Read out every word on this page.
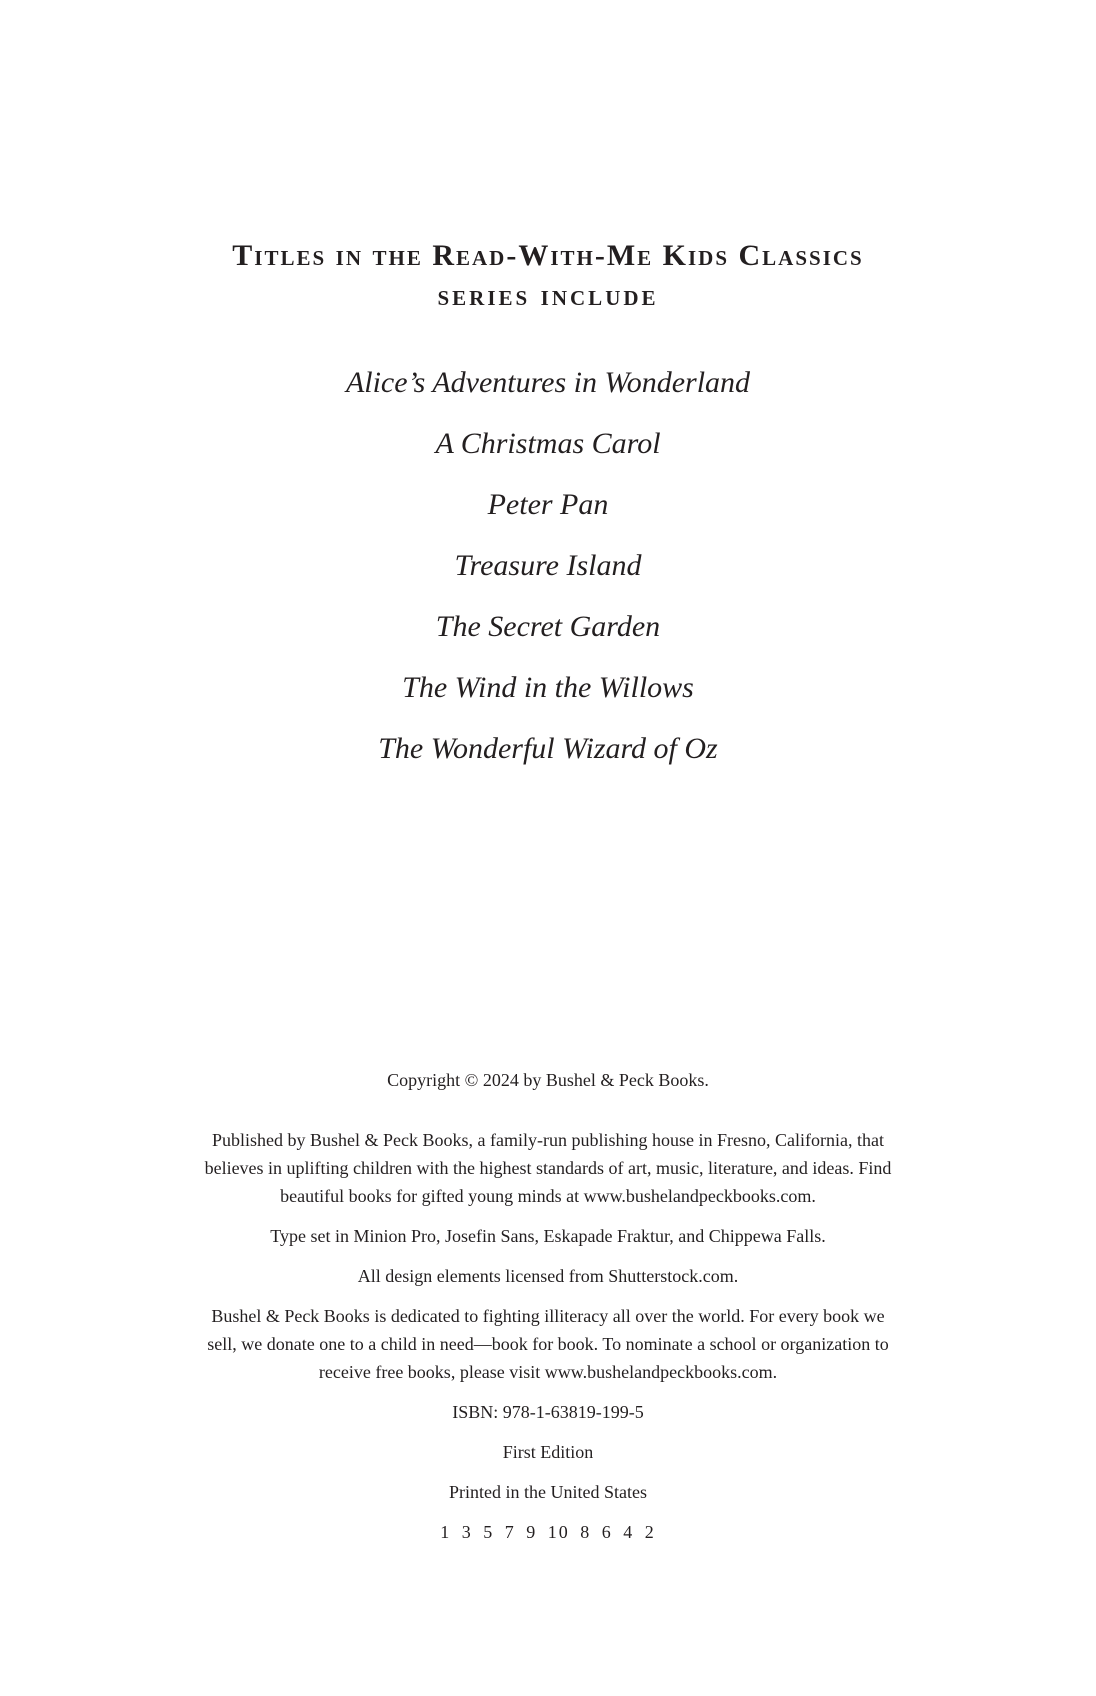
Titles in the Read-With-Me Kids Classics

series include

Alice’s Adventures in Wonderland
A Christmas Carol
Peter Pan
Treasure Island
The Secret Garden
The Wind in the Willows
The Wonderful Wizard of Oz

Copyright © 2024 by Bushel & Peck Books.

Published by Bushel & Peck Books, a family-run publishing house in Fresno, California, that believes in uplifting children with the highest standards of art, music, literature, and ideas. Find beautiful books for gifted young minds at www.bushelandpeckbooks.com.

Type set in Minion Pro, Josefin Sans, Eskapade Fraktur, and Chippewa Falls.

All design elements licensed from Shutterstock.com.

Bushel & Peck Books is dedicated to fighting illiteracy all over the world. For every book we sell, we donate one to a child in need—book for book. To nominate a school or organization to receive free books, please visit www.bushelandpeckbooks.com.

ISBN: 978-1-63819-199-5

First Edition

Printed in the United States

1 3 5 7 9 10 8 6 4 2
